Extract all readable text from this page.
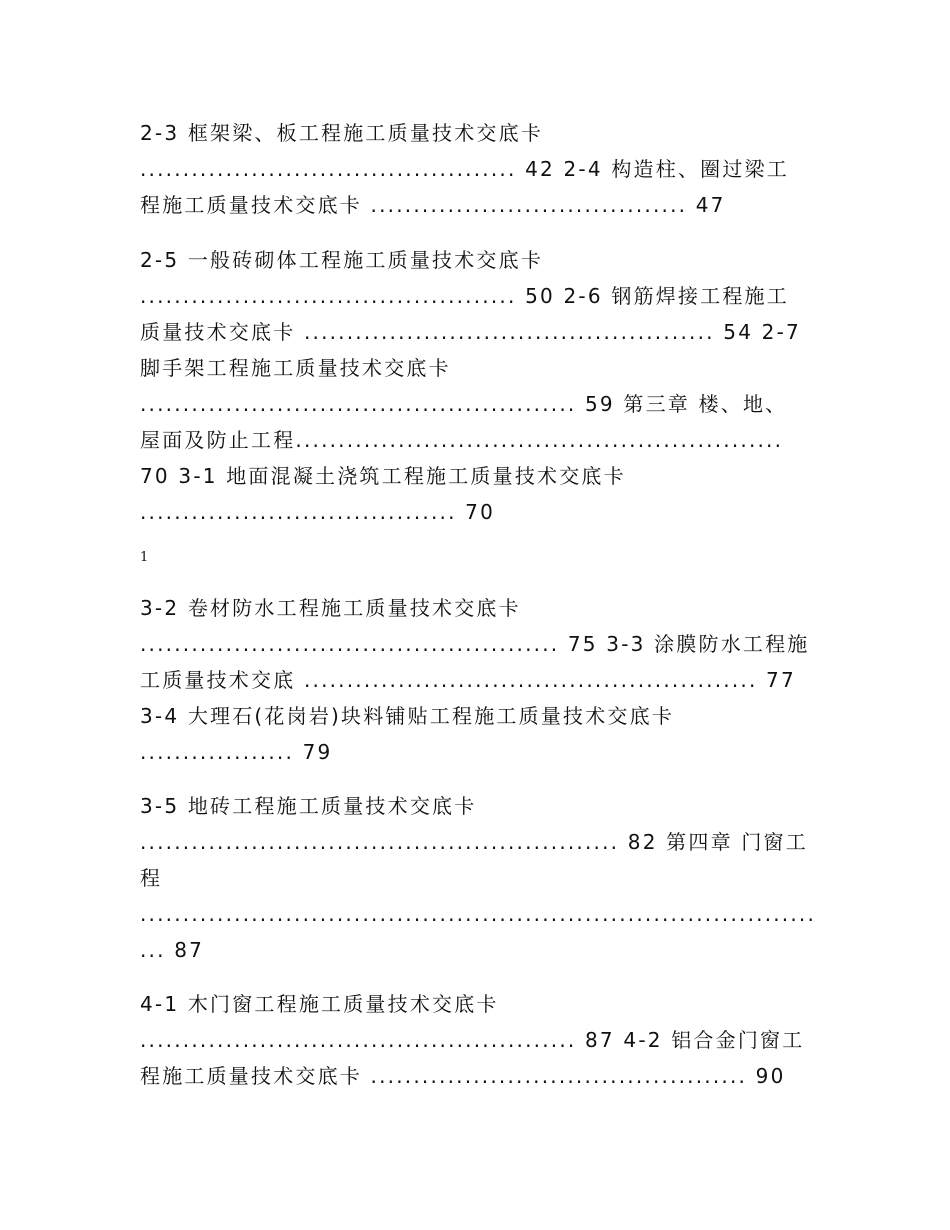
2-3 框架梁、板工程施工质量技术交底卡

............................................ 42 2-4 构造柱、圈过梁工

程施工质量技术交底卡 ..................................... 47

2-5 一般砖砌体工程施工质量技术交底卡

............................................ 50 2-6 钢筋焊接工程施工

质量技术交底卡 ................................................ 54 2-7

脚手架工程施工质量技术交底卡

................................................... 59 第三章 楼、地、

屋面及防止工程.........................................................

70 3-1 地面混凝土浇筑工程施工质量技术交底卡

..................................... 70

1

3-2 卷材防水工程施工质量技术交底卡

................................................. 75 3-3 涂膜防水工程施

工质量技术交底 ..................................................... 77

3-4 大理石(花岗岩)块料铺贴工程施工质量技术交底卡

.................. 79

3-5 地砖工程施工质量技术交底卡

........................................................ 82 第四章 门窗工

程

...............................................................................

... 87

4-1 木门窗工程施工质量技术交底卡

................................................... 87 4-2 铝合金门窗工

程施工质量技术交底卡 ............................................ 90
